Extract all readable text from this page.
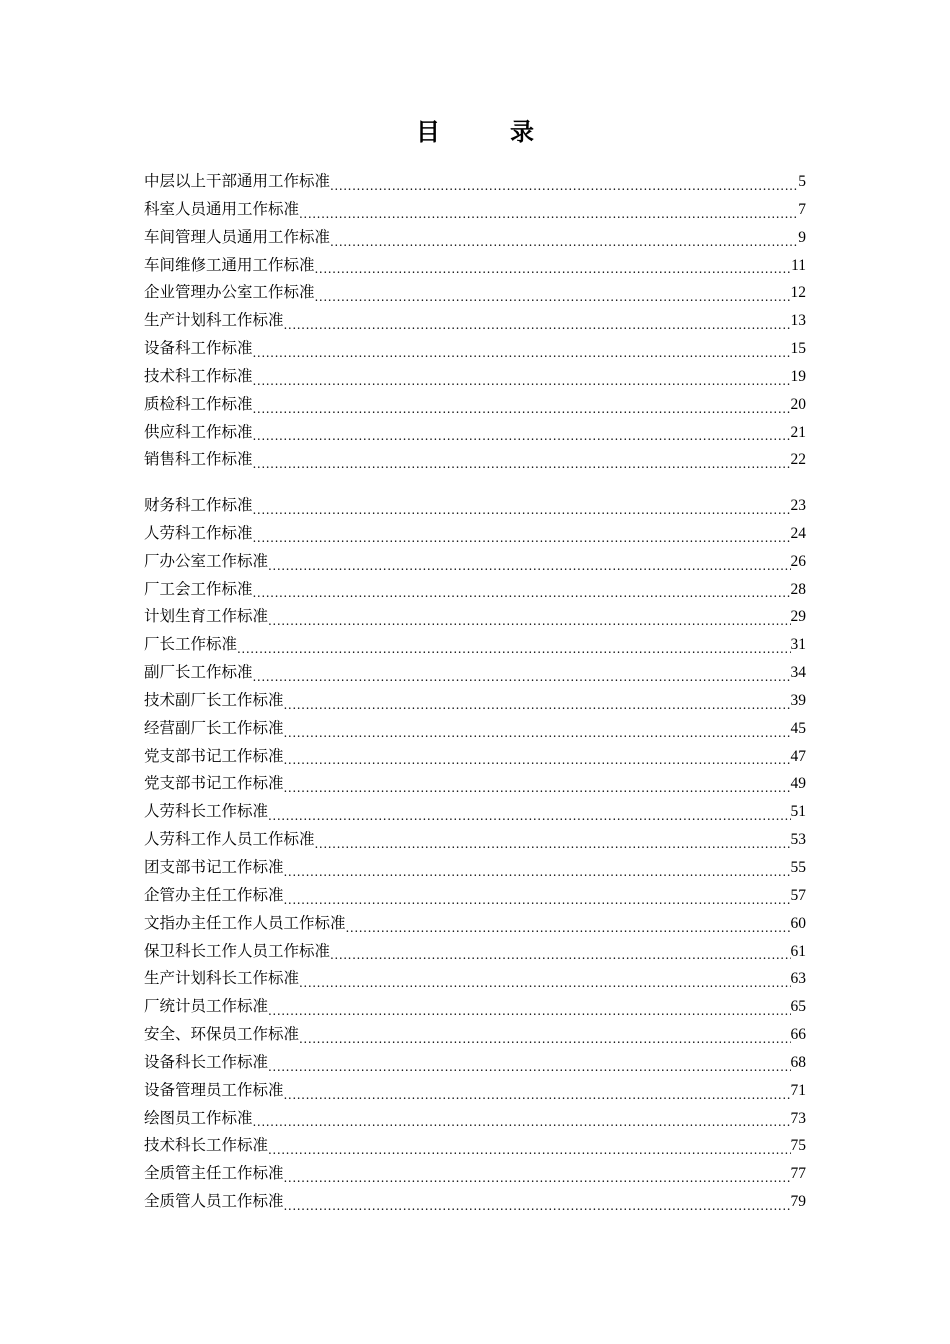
目	录
中层以上干部通用工作标准 .....	5
科室人员通用工作标准 .....	7
车间管理人员通用工作标准 .....	9
车间维修工通用工作标准 .....	11
企业管理办公室工作标准 .....	12
生产计划科工作标准 .....	13
设备科工作标准 .....	15
技术科工作标准 .....	19
质检科工作标准 .....	20
供应科工作标准 .....	21
销售科工作标准 .....	22
财务科工作标准 .....	23
人劳科工作标准 .....	24
厂办公室工作标准 .....	26
厂工会工作标准 .....	28
计划生育工作标准 .....	29
厂长工作标准 .....	31
副厂长工作标准 .....	34
技术副厂长工作标准 .....	39
经营副厂长工作标准 .....	45
党支部书记工作标准 .....	47
党支部书记工作标准 .....	49
人劳科长工作标准 .....	51
人劳科工作人员工作标准 .....	53
团支部书记工作标准 .....	55
企管办主任工作标准 .....	57
文指办主任工作人员工作标准 .....	60
保卫科长工作人员工作标准 .....	61
生产计划科长工作标准 .....	63
厂统计员工作标准 .....	65
安全、环保员工作标准 .....	66
设备科长工作标准 .....	68
设备管理员工作标准 .....	71
绘图员工作标准 .....	73
技术科长工作标准 .....	75
全质管主任工作标准 .....	77
全质管人员工作标准 .....	79
